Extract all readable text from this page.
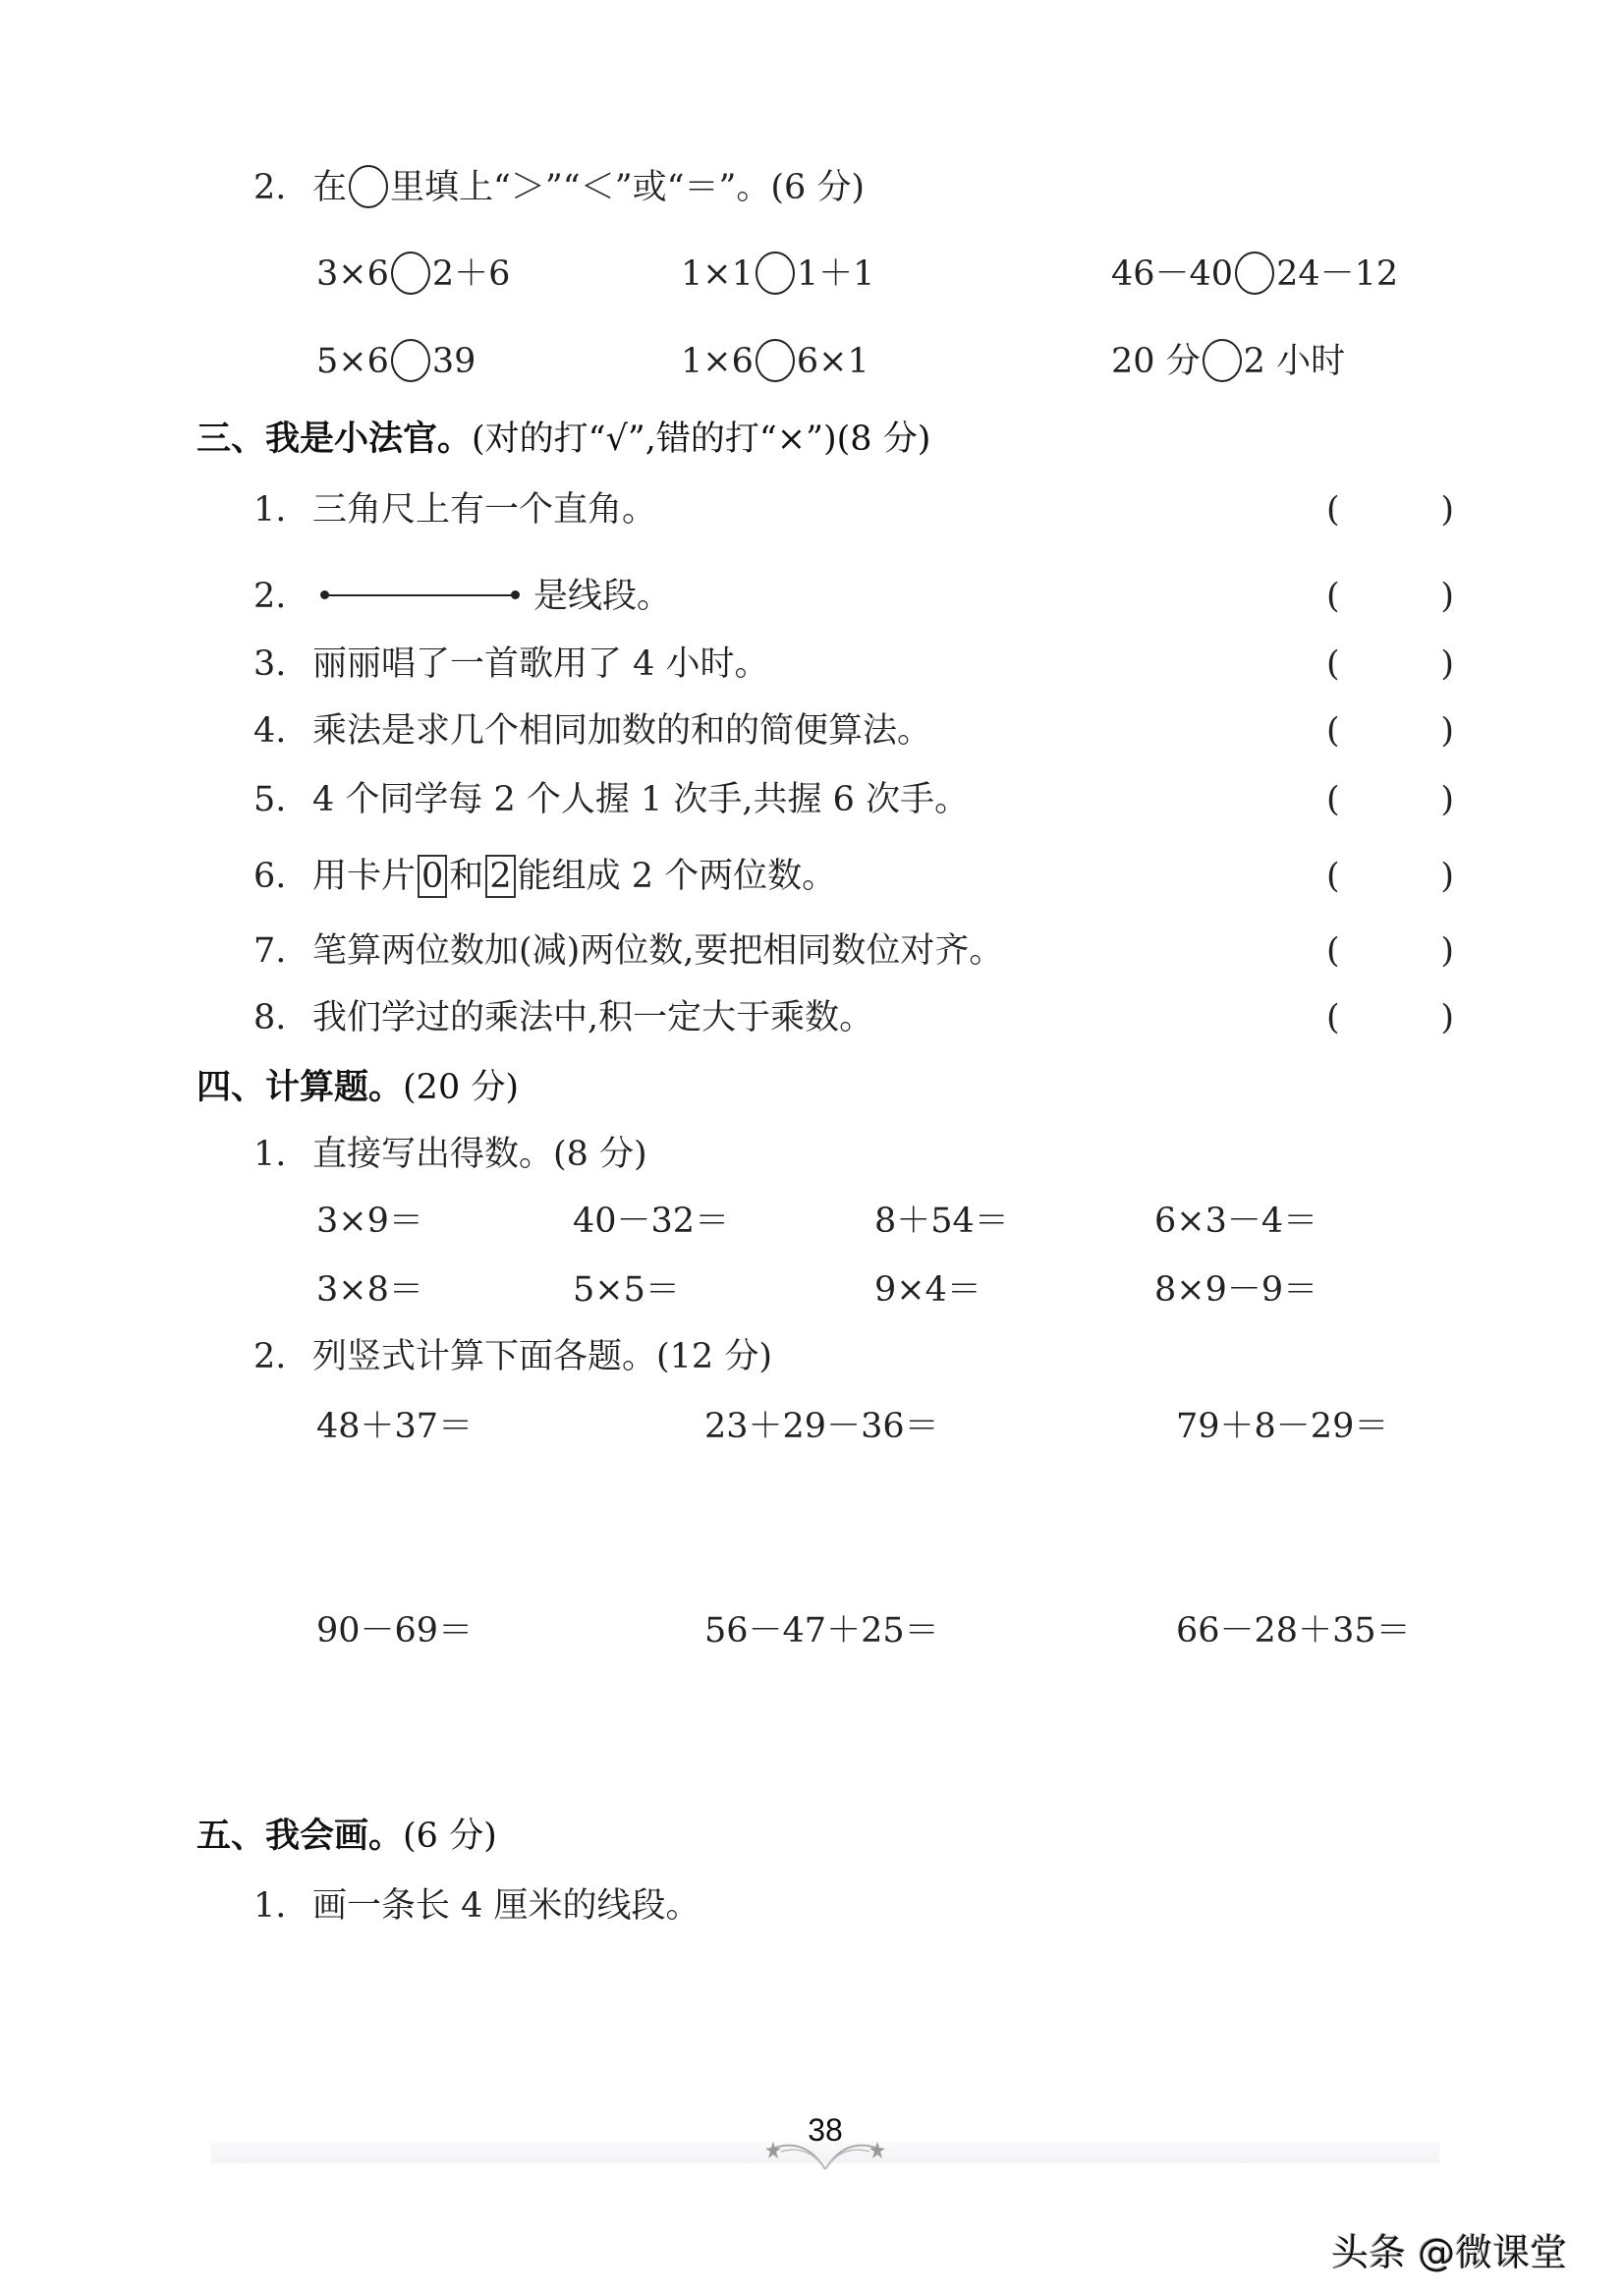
2. 在 里填上“＞”“＜”或“＝”。(6 分)
3×6 2＋6	1×1 1＋1	46－40 24－12
5×6 39	1×6 6×1	20 分 2 小时
三、我是小法官。(对的打“√”,错的打“×”)(8 分)
1. 三角尺上有一个直角。
2.	是线段。
3. 丽丽唱了一首歌用了 4 小时。
4. 乘法是求几个相同加数的和的简便算法。
5. 4 个同学每 2 个人握 1 次手,共握 6 次手。
6. 用卡片 0 和 2 能组成 2 个两位数。
7. 笔算两位数加(减)两位数,要把相同数位对齐。
8. 我们学过的乘法中,积一定大于乘数。
(	)
(	)
(	)
(	)
(	)
(	)
(	)
(	)
四、计算题。(20 分)
1. 直接写出得数。(8 分)
3×9＝	40－32＝	8＋54＝	6×3－4＝
3×8＝	5×5＝	9×4＝	8×9－9＝
2. 列竖式计算下面各题。(12 分)
48＋37＝	23＋29－36＝	79＋8－29＝
90－69＝	56－47＋25＝	66－28＋35＝
五、我会画。(6 分)
1. 画一条长 4 厘米的线段。
38
头条 @微课堂
